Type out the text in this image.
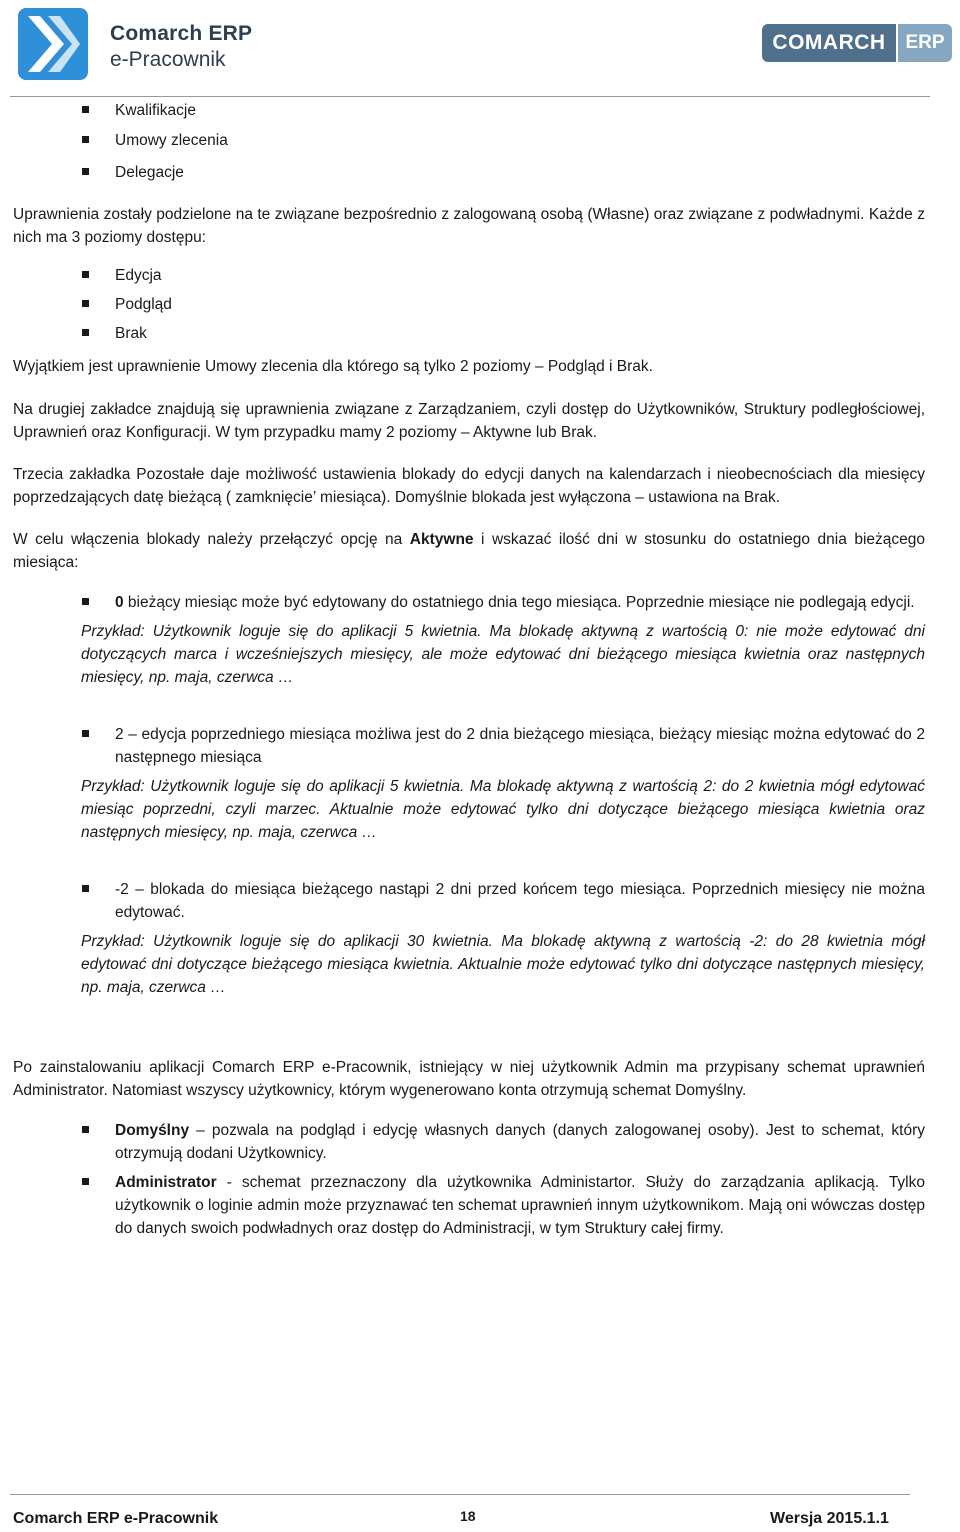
Comarch ERP
e-Pracownik
COMARCH	ERP
Kwalifikacje
Umowy zlecenia
Delegacje

Uprawnienia zostały podzielone na te związane bezpośrednio z zalogowaną osobą (Własne) oraz związane z podwładnymi. Każde z nich ma 3 poziomy dostępu:

Edycja
Podgląd
Brak

Wyjątkiem jest uprawnienie Umowy zlecenia dla którego są tylko 2 poziomy – Podgląd i Brak.

Na drugiej zakładce znajdują się uprawnienia związane z Zarządzaniem, czyli dostęp do Użytkowników, Struktury podległościowej, Uprawnień oraz Konfiguracji. W tym przypadku mamy 2 poziomy – Aktywne lub Brak.

Trzecia zakładka Pozostałe daje możliwość ustawienia blokady do edycji danych na kalendarzach i nieobecnościach dla miesięcy poprzedzających datę bieżącą ( zamknięcie’ miesiąca). Domyślnie blokada jest wyłączona – ustawiona na Brak.

W celu włączenia blokady należy przełączyć opcję na Aktywne i wskazać ilość dni w stosunku do ostatniego dnia bieżącego miesiąca:

0 bieżący miesiąc może być edytowany do ostatniego dnia tego miesiąca. Poprzednie miesiące nie podlegają edycji.

Przykład: Użytkownik loguje się do aplikacji 5 kwietnia. Ma blokadę aktywną z wartością 0: nie może edytować dni dotyczących marca i wcześniejszych miesięcy, ale może edytować dni bieżącego miesiąca kwietnia oraz następnych miesięcy, np. maja, czerwca …

2 – edycja poprzedniego miesiąca możliwa jest do 2 dnia bieżącego miesiąca, bieżący miesiąc można edytować do 2 następnego miesiąca

Przykład: Użytkownik loguje się do aplikacji 5 kwietnia. Ma blokadę aktywną z wartością 2: do 2 kwietnia mógł edytować miesiąc poprzedni, czyli marzec. Aktualnie może edytować tylko dni dotyczące bieżącego miesiąca kwietnia oraz następnych miesięcy, np. maja, czerwca …

-2 – blokada do miesiąca bieżącego nastąpi 2 dni przed końcem tego miesiąca. Poprzednich miesięcy nie można edytować.

Przykład: Użytkownik loguje się do aplikacji 30 kwietnia. Ma blokadę aktywną z wartością -2: do 28 kwietnia mógł edytować dni dotyczące bieżącego miesiąca kwietnia. Aktualnie może edytować tylko dni dotyczące następnych miesięcy, np. maja, czerwca …

Po zainstalowaniu aplikacji Comarch ERP e-Pracownik, istniejący w niej użytkownik Admin ma przypisany schemat uprawnień Administrator. Natomiast wszyscy użytkownicy, którym wygenerowano konta otrzymują schemat Domyślny.

Domyślny – pozwala na podgląd i edycję własnych danych (danych zalogowanej osoby). Jest to schemat, który otrzymują dodani Użytkownicy.
Administrator - schemat przeznaczony dla użytkownika Administartor. Służy do zarządzania aplikacją. Tylko użytkownik o loginie admin może przyznawać ten schemat uprawnień innym użytkownikom. Mają oni wówczas dostęp do danych swoich podwładnych oraz dostęp do Administracji, w tym Struktury całej firmy.
Comarch ERP e-Pracownik	18	Wersja 2015.1.1
